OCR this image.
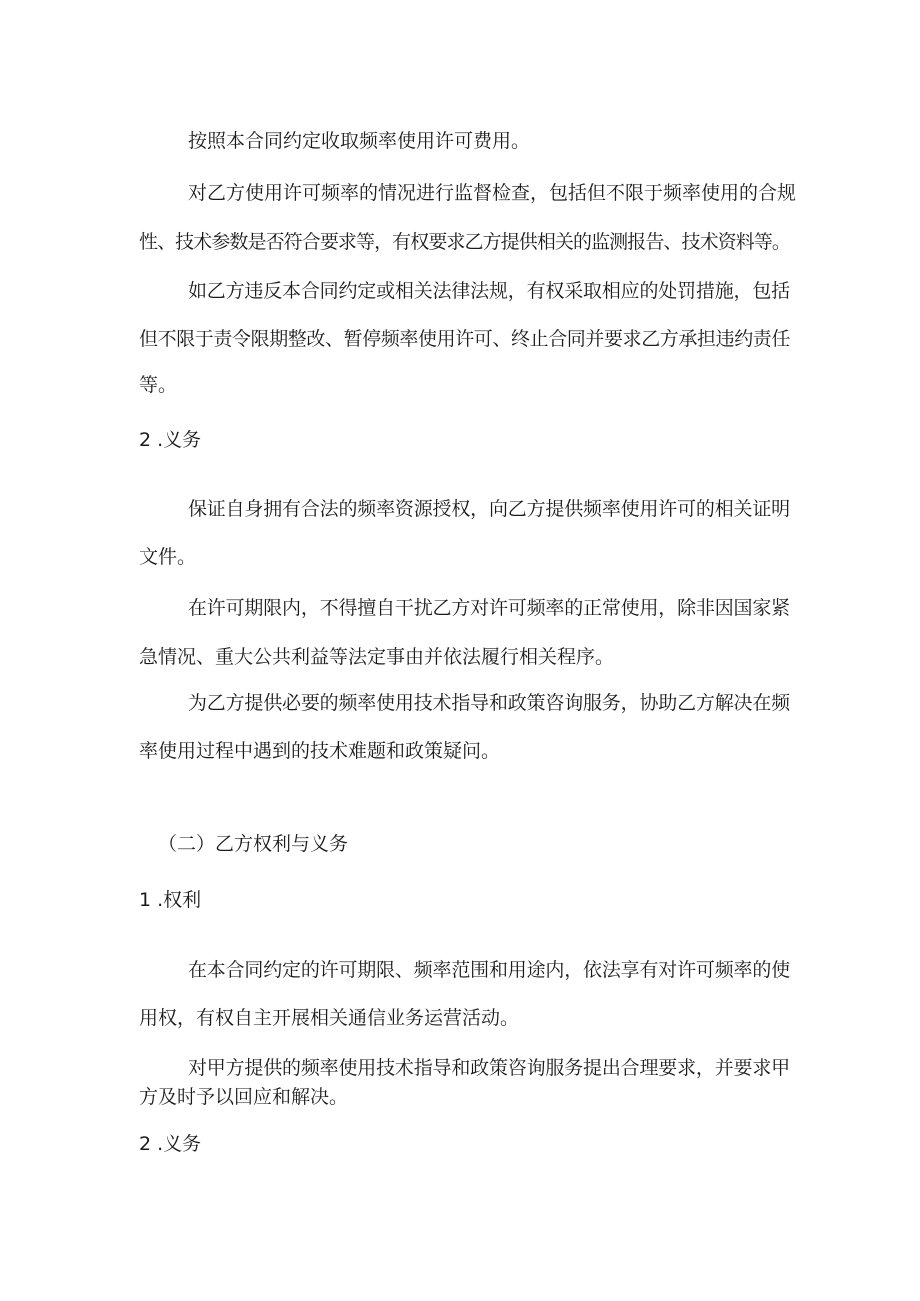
按照本合同约定收取频率使用许可费用。
对乙方使用许可频率的情况进行监督检查，包括但不限于频率使用的合规
性、技术参数是否符合要求等，有权要求乙方提供相关的监测报告、技术资料等。
如乙方违反本合同约定或相关法律法规，有权采取相应的处罚措施，包括
但不限于责令限期整改、暂停频率使用许可、终止合同并要求乙方承担违约责任
等。
2 .义务
保证自身拥有合法的频率资源授权，向乙方提供频率使用许可的相关证明
文件。
在许可期限内，不得擅自干扰乙方对许可频率的正常使用，除非因国家紧
急情况、重大公共利益等法定事由并依法履行相关程序。
为乙方提供必要的频率使用技术指导和政策咨询服务，协助乙方解决在频
率使用过程中遇到的技术难题和政策疑问。
（二）乙方权利与义务
1 .权利
在本合同约定的许可期限、频率范围和用途内，依法享有对许可频率的使
用权，有权自主开展相关通信业务运营活动。
对甲方提供的频率使用技术指导和政策咨询服务提出合理要求，并要求甲
方及时予以回应和解决。
2 .义务
